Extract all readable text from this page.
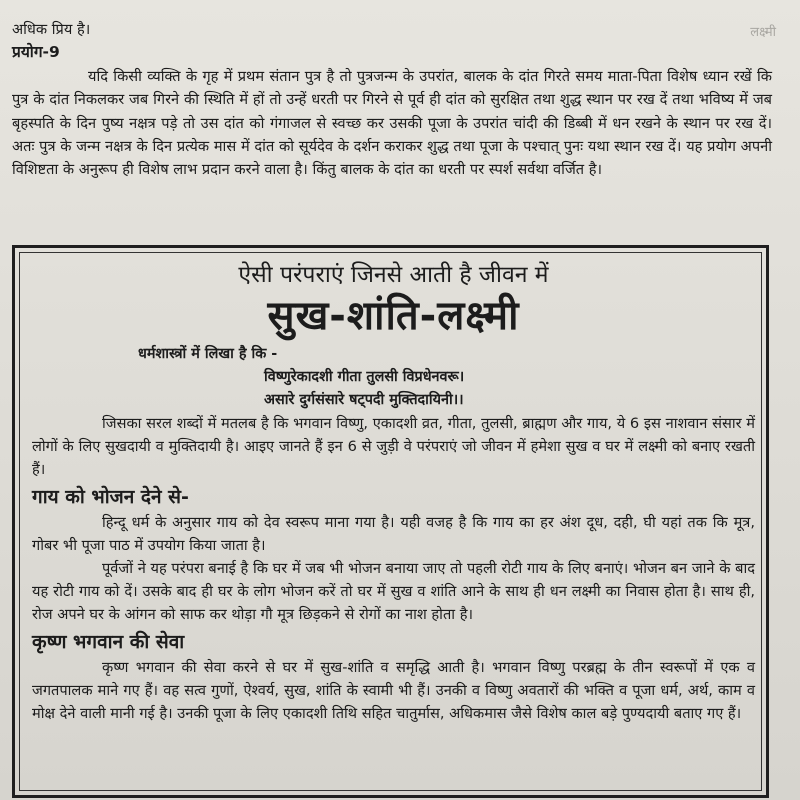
लक्ष्मी

अधिक प्रिय है।

प्रयोग-9

यदि किसी व्यक्ति के गृह में प्रथम संतान पुत्र है तो पुत्रजन्म के उपरांत, बालक के दांत गिरते समय माता-पिता विशेष ध्यान रखें कि पुत्र के दांत निकलकर जब गिरने की स्थिति में हों तो उन्हें धरती पर गिरने से पूर्व ही दांत को सुरक्षित तथा शुद्ध स्थान पर रख दें तथा भविष्य में जब बृहस्पति के दिन पुष्य नक्षत्र पड़े तो उस दांत को गंगाजल से स्वच्छ कर उसकी पूजा के उपरांत चांदी की डिब्बी में धन रखने के स्थान पर रख दें। अतः पुत्र के जन्म नक्षत्र के दिन प्रत्येक मास में दांत को सूर्यदेव के दर्शन कराकर शुद्ध तथा पूजा के पश्चात् पुनः यथा स्थान रख दें। यह प्रयोग अपनी विशिष्टता के अनुरूप ही विशेष लाभ प्रदान करने वाला है। किंतु बालक के दांत का धरती पर स्पर्श सर्वथा वर्जित है।

ऐसी परंपराएं जिनसे आती है जीवन में
सुख-शांति-लक्ष्मी

धर्मशास्त्रों में लिखा है कि -

विष्णुरेकादशी गीता तुलसी विप्रधेनवरू।

असारे दुर्गसंसारे षट्पदी मुक्तिदायिनी।।

जिसका सरल शब्दों में मतलब है कि भगवान विष्णु, एकादशी व्रत, गीता, तुलसी, ब्राह्मण और गाय, ये 6 इस नाशवान संसार में लोगों के लिए सुखदायी व मुक्तिदायी है। आइए जानते हैं इन 6 से जुड़ी वे परंपराएं जो जीवन में हमेशा सुख व घर में लक्ष्मी को बनाए रखती हैं।

गाय को भोजन देने से-

हिन्दू धर्म के अनुसार गाय को देव स्वरूप माना गया है। यही वजह है कि गाय का हर अंश दूध, दही, घी यहां तक कि मूत्र, गोबर भी पूजा पाठ में उपयोग किया जाता है।

पूर्वजों ने यह परंपरा बनाई है कि घर में जब भी भोजन बनाया जाए तो पहली रोटी गाय के लिए बनाएं। भोजन बन जाने के बाद यह रोटी गाय को दें। उसके बाद ही घर के लोग भोजन करें तो घर में सुख व शांति आने के साथ ही धन लक्ष्मी का निवास होता है। साथ ही, रोज अपने घर के आंगन को साफ कर थोड़ा गौ मूत्र छिड़कने से रोगों का नाश होता है।

कृष्ण भगवान की सेवा

कृष्ण भगवान की सेवा करने से घर में सुख-शांति व समृद्धि आती है। भगवान विष्णु परब्रह्म के तीन स्वरूपों में एक व जगतपालक माने गए हैं। वह सत्व गुणों, ऐश्वर्य, सुख, शांति के स्वामी भी हैं। उनकी व विष्णु अवतारों की भक्ति व पूजा धर्म, अर्थ, काम व मोक्ष देने वाली मानी गई है। उनकी पूजा के लिए एकादशी तिथि सहित चातुर्मास, अधिकमास जैसे विशेष काल बड़े पुण्यदायी बताए गए हैं।
